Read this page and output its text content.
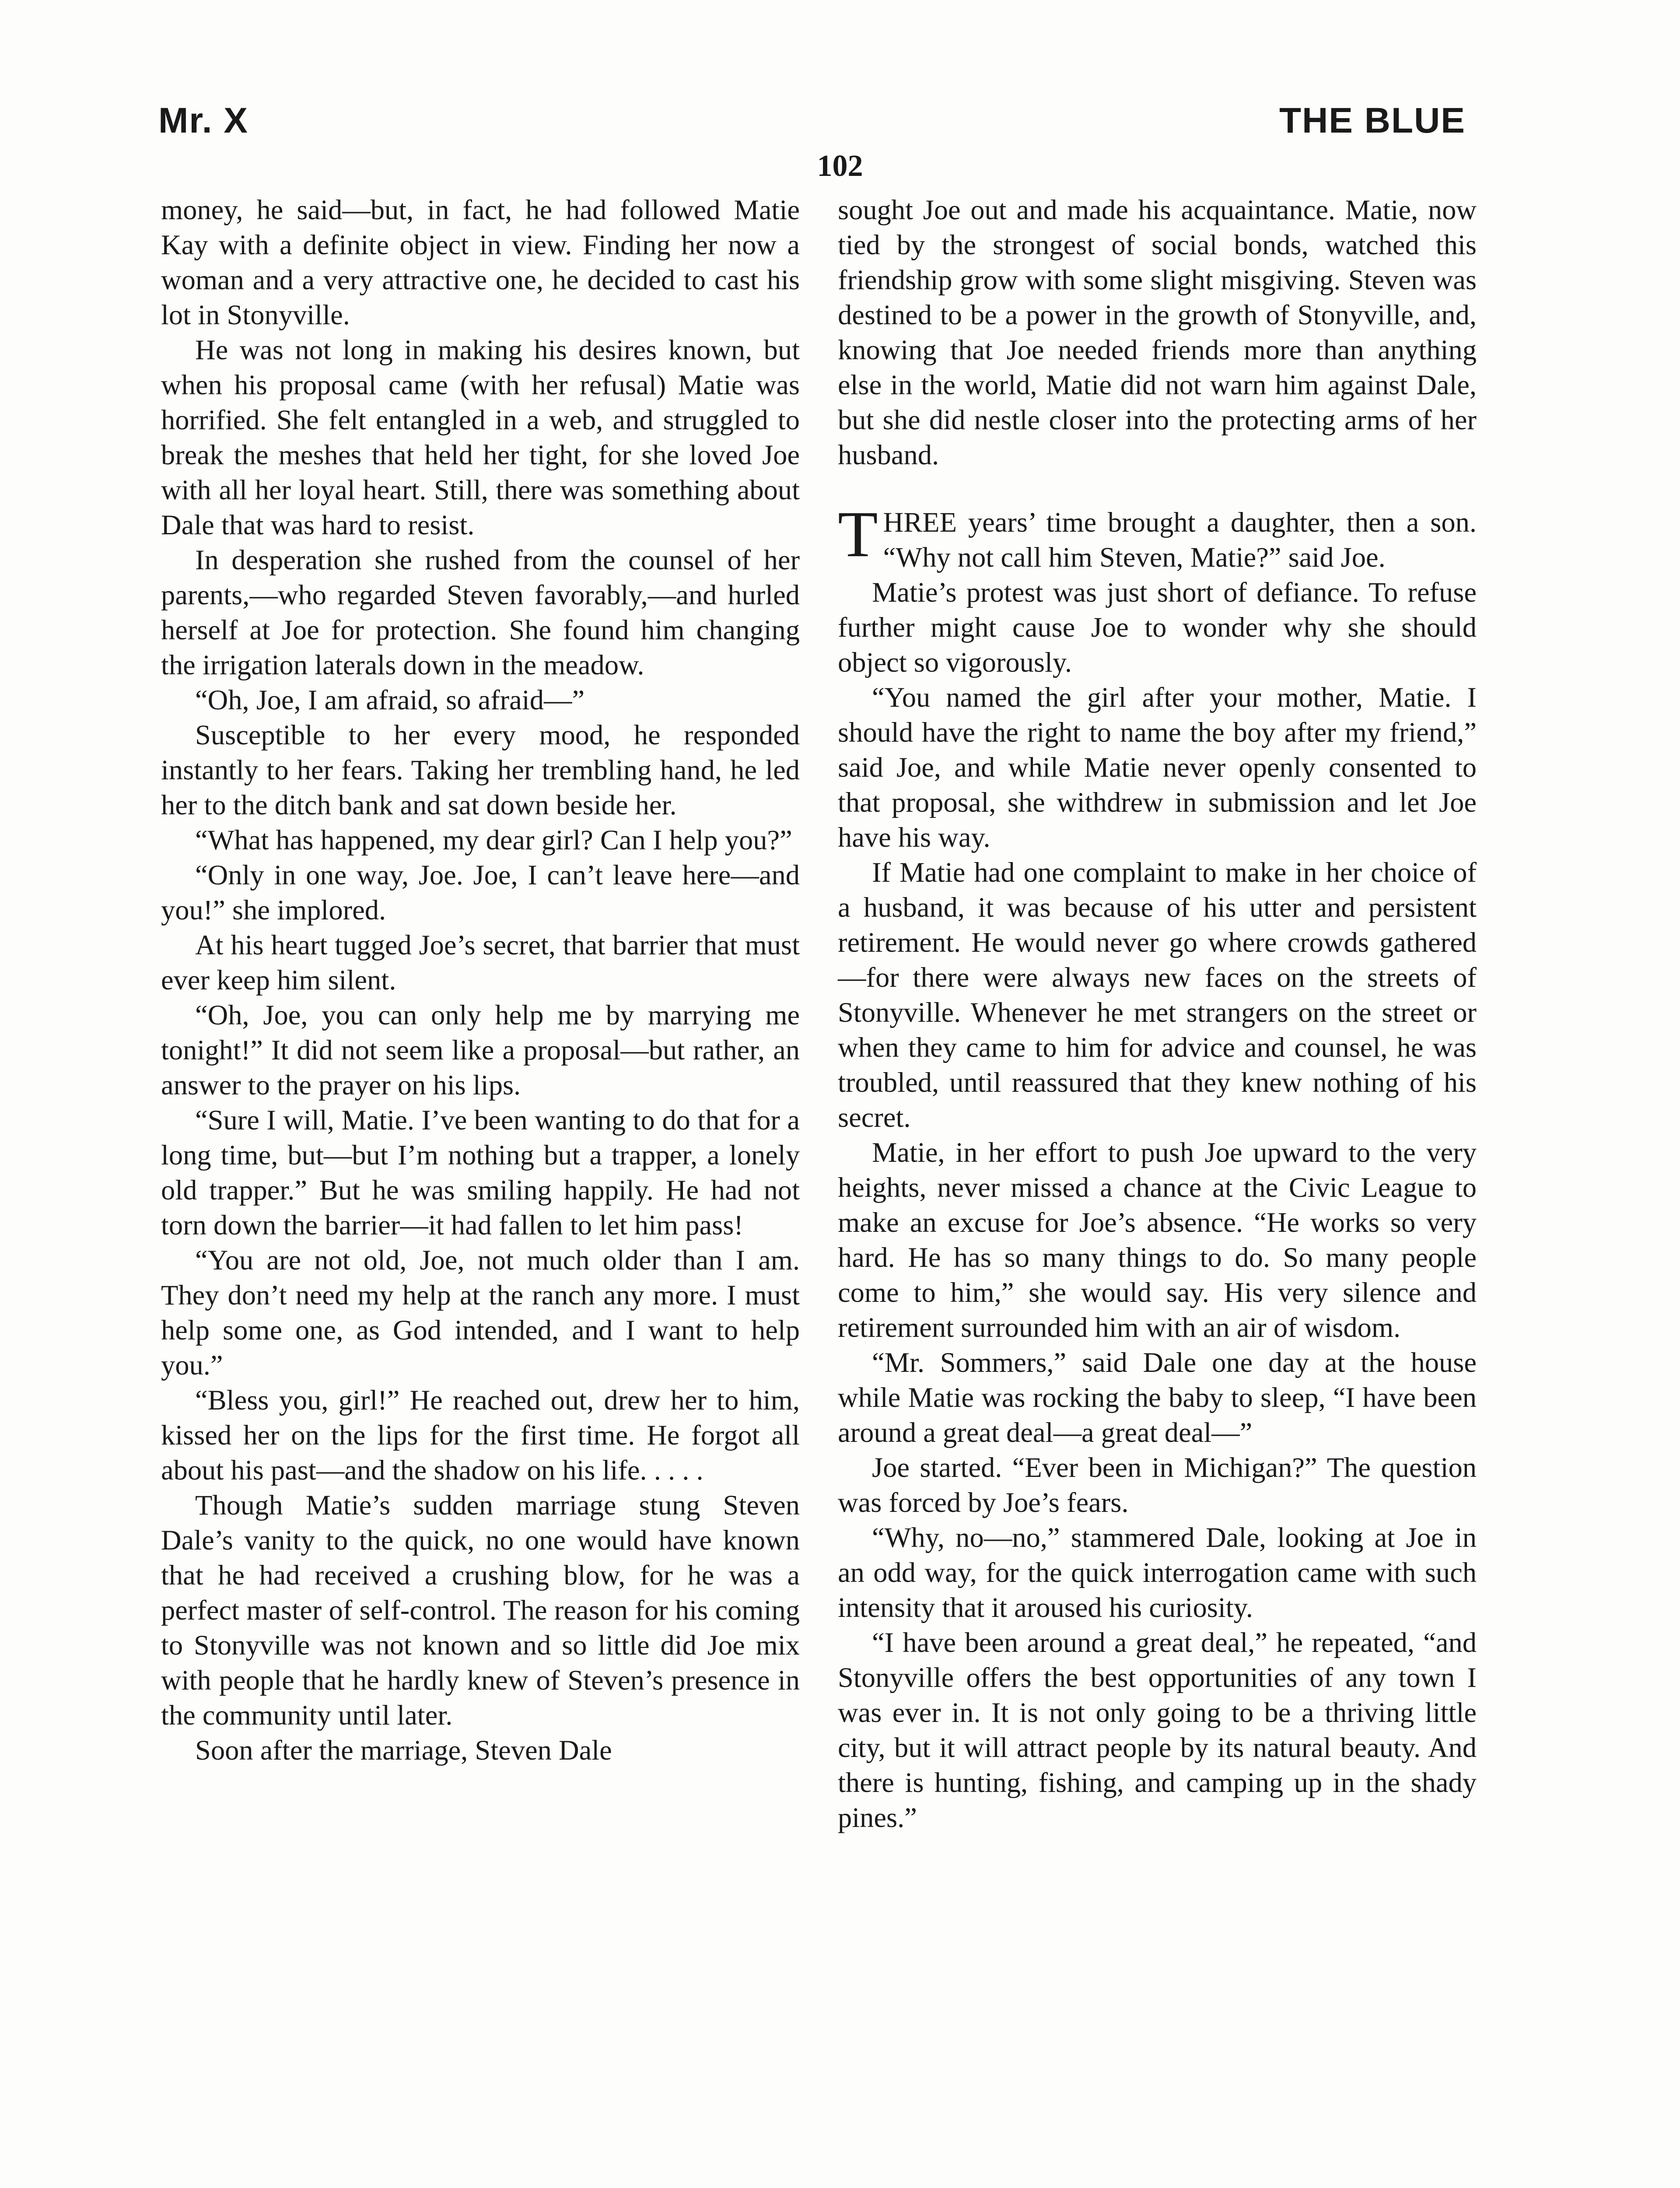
Mr. X	THE BLUE
102

money, he said—but, in fact, he had followed Matie Kay with a definite object in view. Finding her now a woman and a very attractive one, he decided to cast his lot in Stonyville.

He was not long in making his desires known, but when his proposal came (with her refusal) Matie was horrified. She felt entangled in a web, and struggled to break the meshes that held her tight, for she loved Joe with all her loyal heart. Still, there was something about Dale that was hard to resist.

In desperation she rushed from the counsel of her parents,—who regarded Steven favorably,—and hurled herself at Joe for protection. She found him changing the irrigation laterals down in the meadow.

“Oh, Joe, I am afraid, so afraid—”

Susceptible to her every mood, he responded instantly to her fears. Taking her trembling hand, he led her to the ditch bank and sat down beside her.

“What has happened, my dear girl? Can I help you?”

“Only in one way, Joe. Joe, I can’t leave here—and you!” she implored.

At his heart tugged Joe’s secret, that barrier that must ever keep him silent.

“Oh, Joe, you can only help me by marrying me tonight!” It did not seem like a proposal—but rather, an answer to the prayer on his lips.

“Sure I will, Matie. I’ve been wanting to do that for a long time, but—but I’m nothing but a trapper, a lonely old trapper.” But he was smiling happily. He had not torn down the barrier—it had fallen to let him pass!

“You are not old, Joe, not much older than I am. They don’t need my help at the ranch any more. I must help some one, as God intended, and I want to help you.”

“Bless you, girl!” He reached out, drew her to him, kissed her on the lips for the first time. He forgot all about his past—and the shadow on his life. . . . .

Though Matie’s sudden marriage stung Steven Dale’s vanity to the quick, no one would have known that he had received a crushing blow, for he was a perfect master of self-control. The reason for his coming to Stonyville was not known and so little did Joe mix with people that he hardly knew of Steven’s presence in the community until later.

Soon after the marriage, Steven Dale

sought Joe out and made his acquaintance. Matie, now tied by the strongest of social bonds, watched this friendship grow with some slight misgiving. Steven was destined to be a power in the growth of Stonyville, and, knowing that Joe needed friends more than anything else in the world, Matie did not warn him against Dale, but she did nestle closer into the protecting arms of her husband.

THREE years’ time brought a daughter, then a son. “Why not call him Steven, Matie?” said Joe.

Matie’s protest was just short of defiance. To refuse further might cause Joe to wonder why she should object so vigorously.

“You named the girl after your mother, Matie. I should have the right to name the boy after my friend,” said Joe, and while Matie never openly consented to that proposal, she withdrew in submission and let Joe have his way.

If Matie had one complaint to make in her choice of a husband, it was because of his utter and persistent retirement. He would never go where crowds gathered—for there were always new faces on the streets of Stonyville. Whenever he met strangers on the street or when they came to him for advice and counsel, he was troubled, until reassured that they knew nothing of his secret.

Matie, in her effort to push Joe upward to the very heights, never missed a chance at the Civic League to make an excuse for Joe’s absence. “He works so very hard. He has so many things to do. So many people come to him,” she would say. His very silence and retirement surrounded him with an air of wisdom.

“Mr. Sommers,” said Dale one day at the house while Matie was rocking the baby to sleep, “I have been around a great deal—a great deal—”

Joe started. “Ever been in Michigan?” The question was forced by Joe’s fears.

“Why, no—no,” stammered Dale, looking at Joe in an odd way, for the quick interrogation came with such intensity that it aroused his curiosity.

“I have been around a great deal,” he repeated, “and Stonyville offers the best opportunities of any town I was ever in. It is not only going to be a thriving little city, but it will attract people by its natural beauty. And there is hunting, fishing, and camping up in the shady pines.”
